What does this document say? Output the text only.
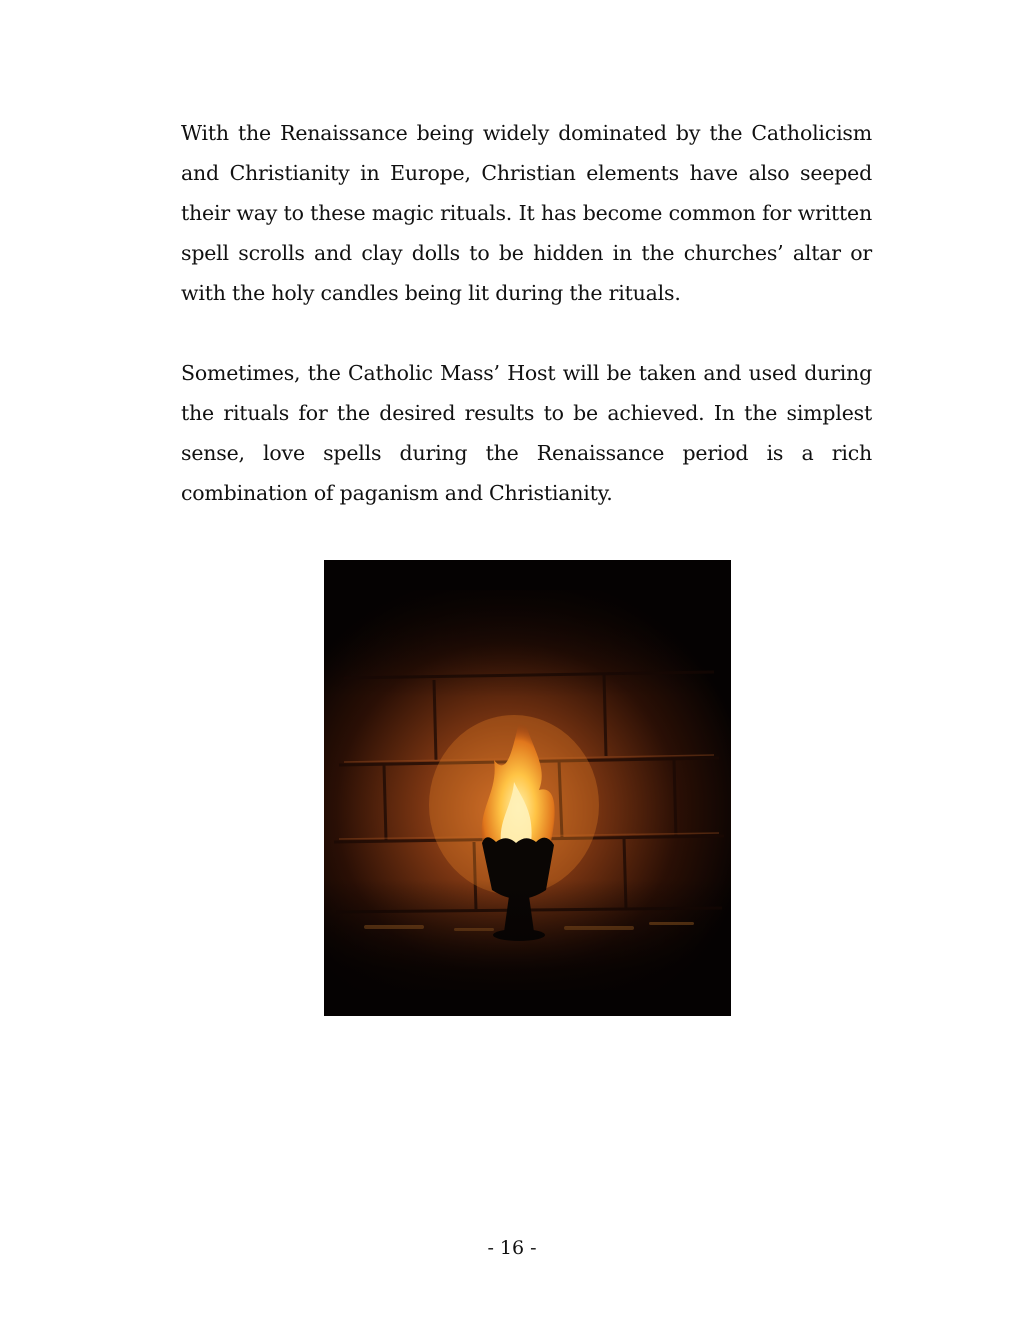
With the Renaissance being widely dominated by the Catholicism and Christianity in Europe, Christian elements have also seeped their way to these magic rituals. It has become common for written spell scrolls and clay dolls to be hidden in the churches’ altar or with the holy candles being lit during the rituals.

Sometimes, the Catholic Mass’ Host will be taken and used during the rituals for the desired results to be achieved. In the simplest sense, love spells during the Renaissance period is a rich combination of paganism and Christianity.

- 16 -
